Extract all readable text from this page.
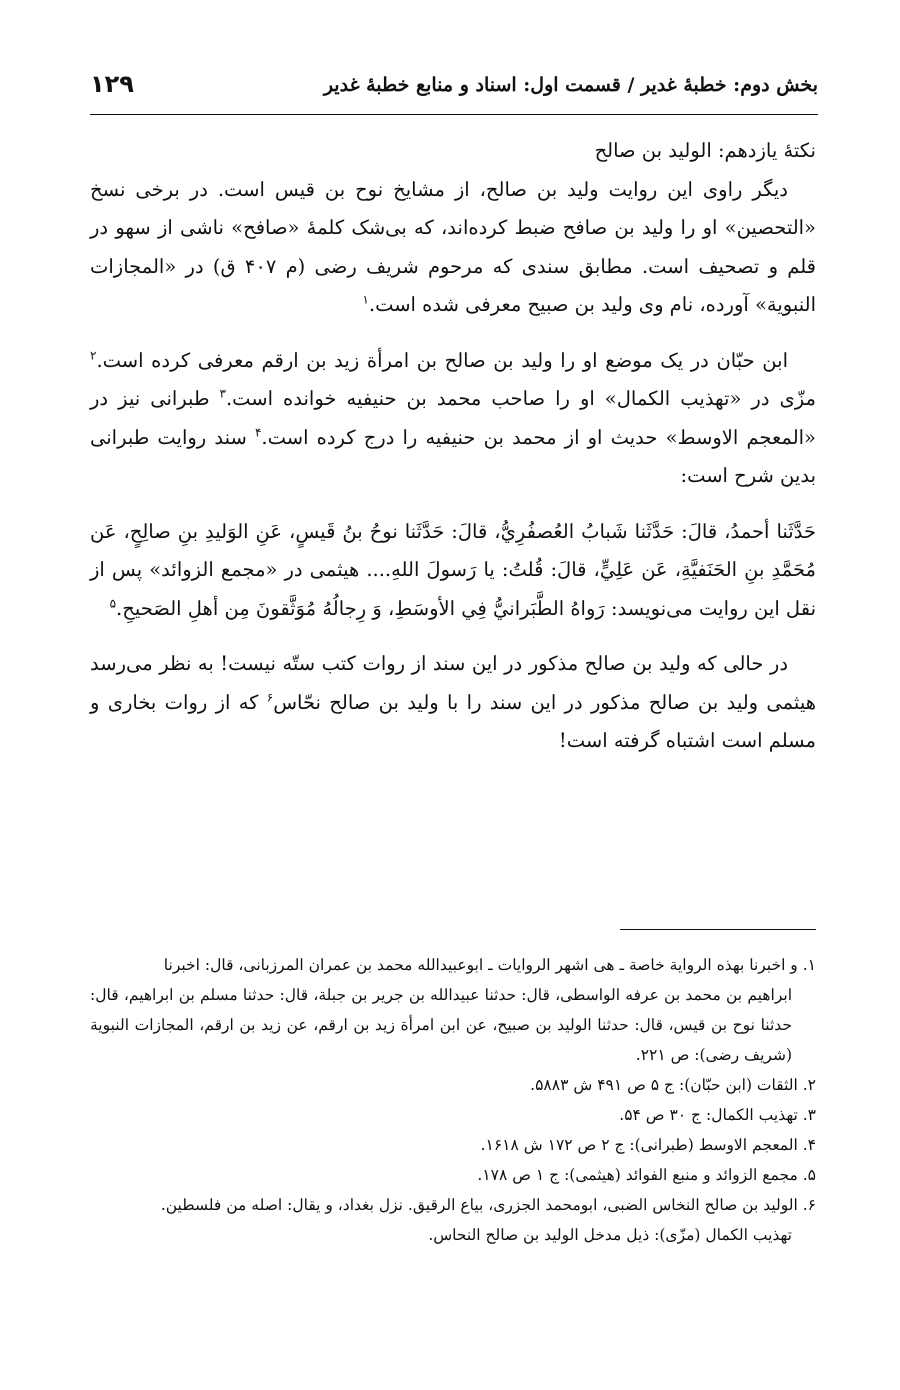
بخش دوم: خطبهٔ غدیر / قسمت اول: اسناد و منابع خطبهٔ غدیر
۱۲۹

نکتهٔ یازدهم: الولید بن صالح

دیگر راوی این روایت ولید بن صالح، از مشایخ نوح بن قیس است. در برخی نسخ «التحصین» او را ولید بن صافح ضبط کرده‌اند، که بی‌شک کلمهٔ «صافح» ناشی از سهو در قلم و تصحیف است. مطابق سندی که مرحوم شریف رضی (م ۴۰۷ ق) در «المجازات النبویة» آورده، نام وی ولید بن صبیح معرفی شده است.$^۱$

ابن حبّان در یک موضع او را ولید بن صالح بن امرأة زید بن ارقم معرفی کرده است.$^۲$ مزّی در «تهذیب الکمال» او را صاحب محمد بن حنیفیه خوانده است.$^۳$ طبرانی نیز در «المعجم الاوسط» حدیث او از محمد بن حنیفیه را درج کرده است.$^۴$ سند روایت طبرانی بدین شرح است:

حَدَّثَنا أحمدُ، قالَ: حَدَّثَنا شَبابُ العُصفُرِيُّ، قالَ: حَدَّثَنا نوحُ بنُ قَيسٍ، عَنِ الوَليدِ بنِ صالِحٍ، عَن مُحَمَّدِ بنِ الحَنَفيَّةِ، عَن عَلِيٍّ، قالَ: قُلتُ: يا رَسولَ اللهِ.... هیثمی در «مجمع الزوائد» پس از نقل این روایت می‌نویسد: رَواهُ الطَّبَرانيُّ فِي الأوسَطِ، وَ رِجالُهُ مُوَثَّقونَ مِن أهلِ الصَحيحِ.$^۵$

در حالی که ولید بن صالح مذکور در این سند از روات کتب ستّه نیست! به نظر می‌رسد هیثمی ولید بن صالح مذکور در این سند را با ولید بن صالح نحّاس$^۶$ که از روات بخاری و مسلم است اشتباه گرفته است!

۱. و اخبرنا بهذه الروایة خاصة ـ هی اشهر الروایات ـ ابوعبیدالله محمد بن عمران المرزبانی، قال: اخبرنا
ابراهیم بن محمد بن عرفه الواسطی، قال: حدثنا عبیدالله بن جریر بن جبلة، قال: حدثنا مسلم بن ابراهیم، قال: حدثنا نوح بن قیس، قال: حدثنا الولید بن صبیح، عن ابن امرأة زید بن ارقم، عن زید بن ارقم، المجازات النبویة (شریف رضی): ص ۲۲۱.

۲. الثقات (ابن حبّان): ج ۵ ص ۴۹۱ ش ۵۸۸۳.

۳. تهذیب الکمال: ج ۳۰ ص ۵۴.

۴. المعجم الاوسط (طبرانی): ج ۲ ص ۱۷۲ ش ۱۶۱۸.

۵. مجمع الزوائد و منبع الفوائد (هیثمی): ج ۱ ص ۱۷۸.

۶. الولید بن صالح النخاس الضبی، ابومحمد الجزری، بیاع الرقیق. نزل بغداد، و یقال: اصله من فلسطین.
تهذیب الکمال (مزّی): ذیل مدخل الولید بن صالح النحاس.
